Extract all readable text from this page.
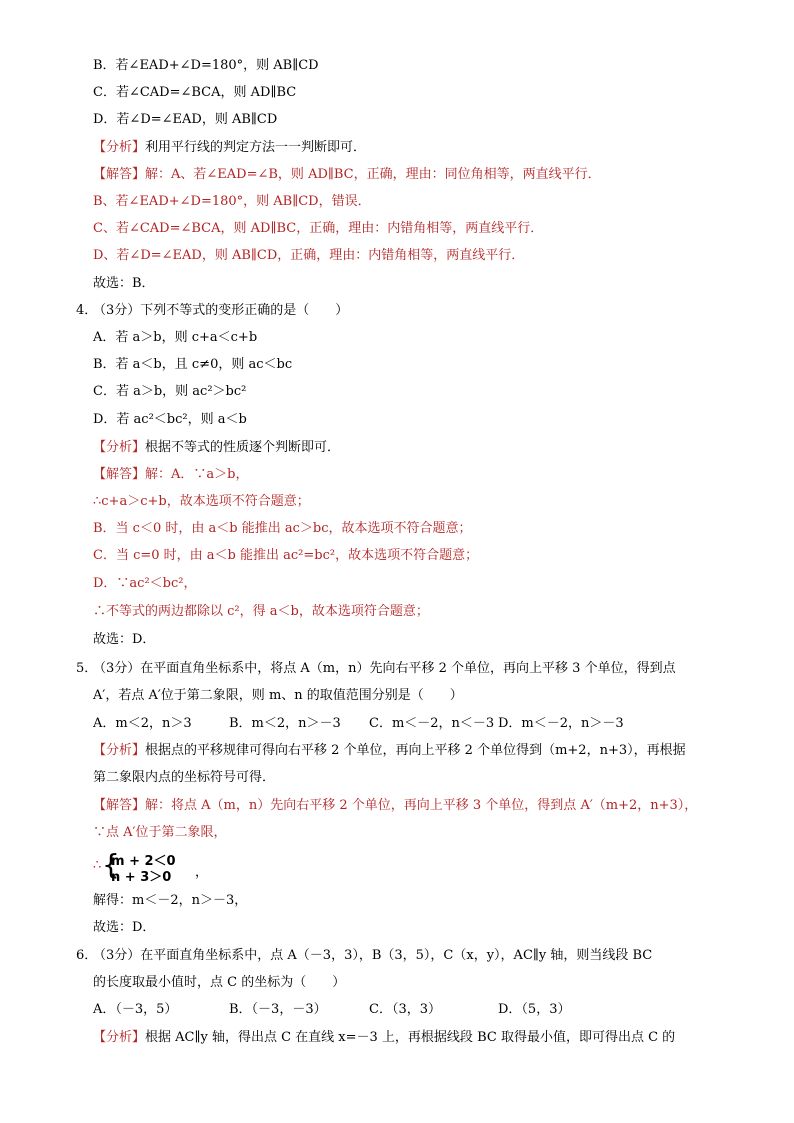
B．若∠EAD+∠D=180°，则 AB∥CD
C．若∠CAD=∠BCA，则 AD∥BC
D．若∠D=∠EAD，则 AB∥CD
【分析】利用平行线的判定方法一一判断即可．
【解答】解：A、若∠EAD=∠B，则 AD∥BC，正确，理由：同位角相等，两直线平行．
B、若∠EAD+∠D=180°，则 AB∥CD，错误．
C、若∠CAD=∠BCA，则 AD∥BC，正确，理由：内错角相等，两直线平行．
D、若∠D=∠EAD，则 AB∥CD，正确，理由：内错角相等，两直线平行．
故选：B．
4．
（3分）下列不等式的变形正确的是（　　）
A．若 a＞b，则 c+a＜c+b
B．若 a＜b，且 c≠0，则 ac＜bc
C．若 a＞b，则 ac²＞bc²
D．若 ac²＜bc²，则 a＜b
【分析】根据不等式的性质逐个判断即可．
【解答】解：A．∵a＞b，
∴c+a＞c+b，故本选项不符合题意；
B．当 c＜0 时，由 a＜b 能推出 ac＞bc，故本选项不符合题意；
C．当 c=0 时，由 a＜b 能推出 ac²=bc²，故本选项不符合题意；
D．∵ac²＜bc²，
∴不等式的两边都除以 c²，得 a＜b，故本选项符合题意；
故选：D．
5．
（3分）在平面直角坐标系中，将点 A（m，n）先向右平移 2 个单位，再向上平移 3 个单位，得到点
A′，若点 A′位于第二象限，则 m、n 的取值范围分别是（　　）
A．m＜2，n＞3	B．m＜2，n＞－3 C．m＜－2，n＜－3 D．m＜－2，n＞－3
【分析】根据点的平移规律可得向右平移 2 个单位，再向上平移 2 个单位得到（m+2，n+3），再根据
第二象限内点的坐标符号可得．
【解答】解：将点 A（m，n）先向右平移 2 个单位，再向上平移 3 个单位，得到点 A′（m+2，n+3），
∵点 A′位于第二象限，
∴ {
m + 2＜0
n + 3＞0 ，
解得：m＜－2，n＞－3，
故选：D．
6．
（3分）在平面直角坐标系中，点 A（－3，3），B（3，5），C（x，y），AC∥y 轴，则当线段 BC
的长度取最小值时，点 C 的坐标为（　　）
A．（－3，5）	B．（－3，－3）	C．（3，3）	D．（5，3）
【分析】根据 AC∥y 轴，得出点 C 在直线 x=－3 上，再根据线段 BC 取得最小值，即可得出点 C 的
